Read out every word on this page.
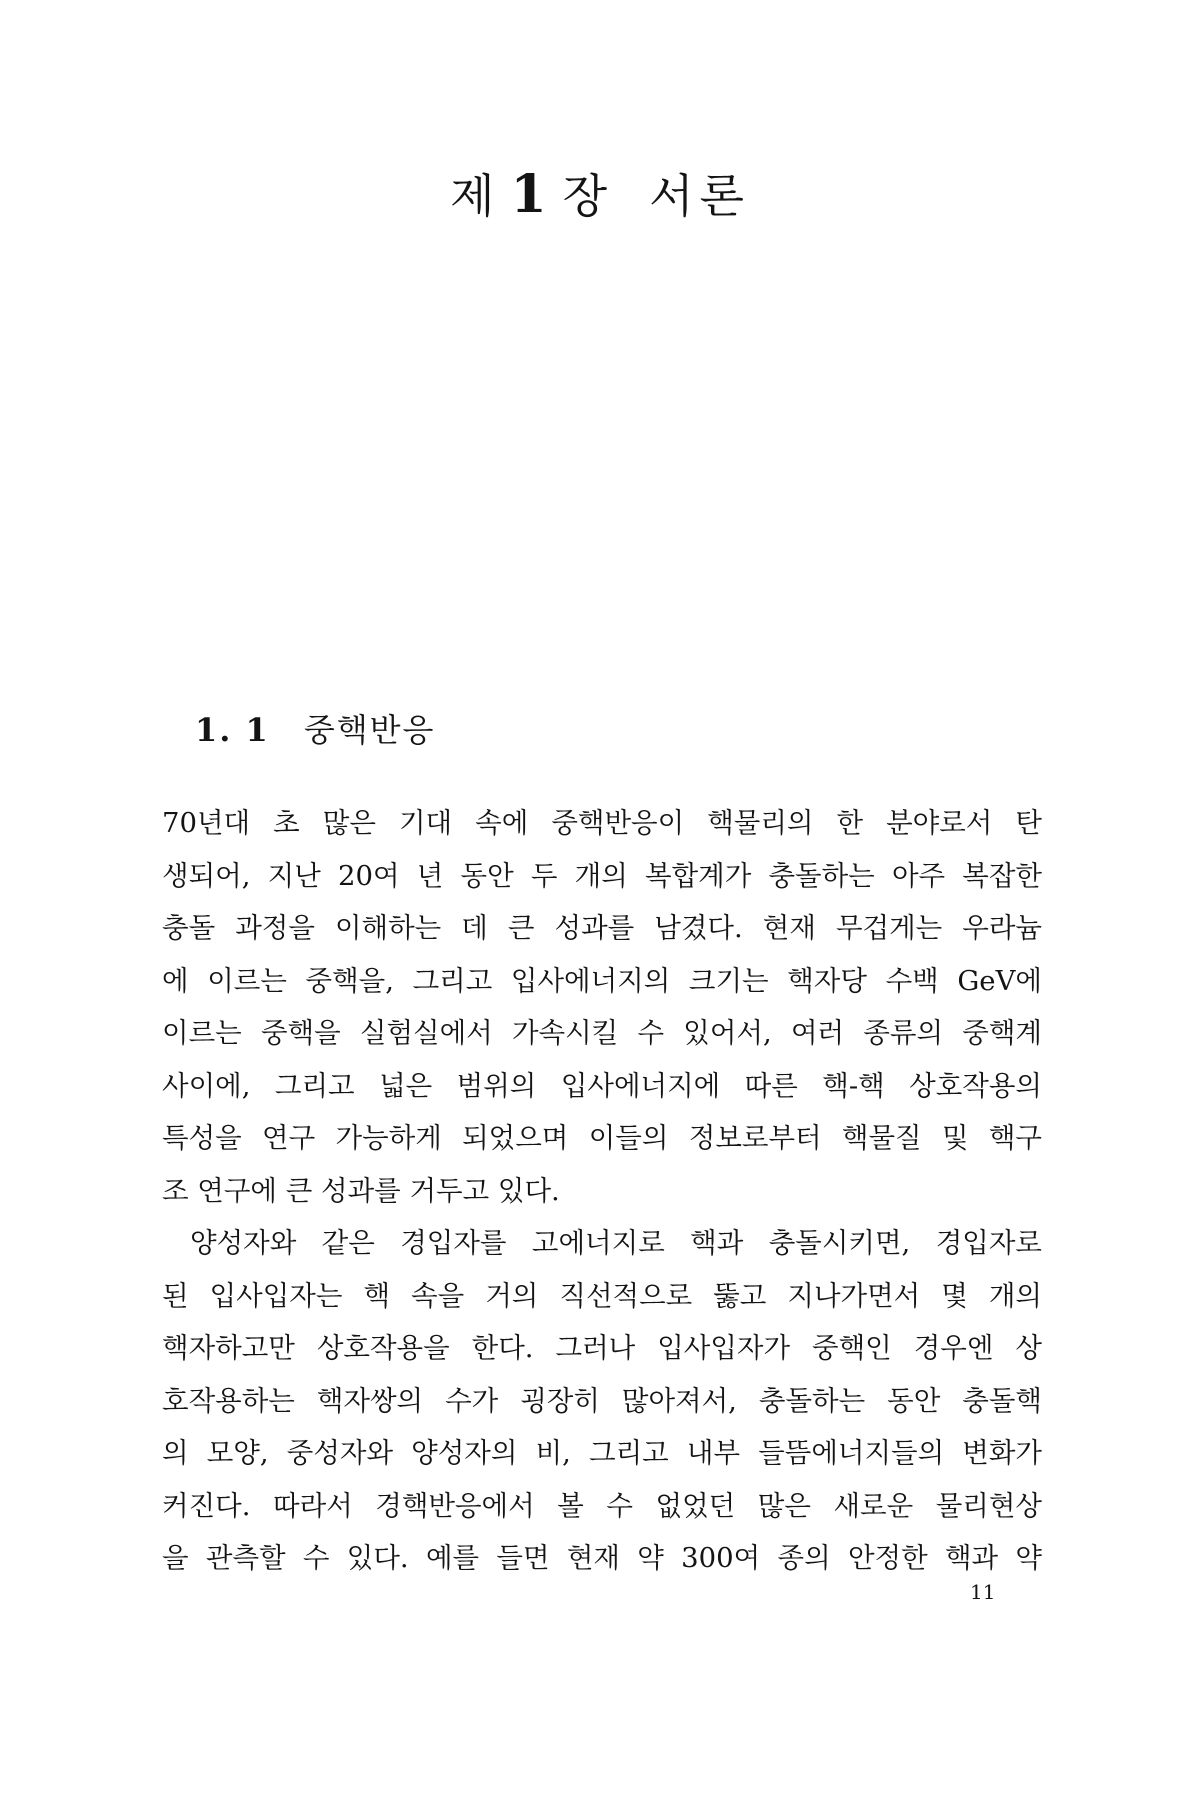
제 1 장 서론
1. 1 중핵반응
70년대 초 많은 기대 속에 중핵반응이 핵물리의 한 분야로서 탄
생되어, 지난 20여 년 동안 두 개의 복합계가 충돌하는 아주 복잡한
충돌 과정을 이해하는 데 큰 성과를 남겼다. 현재 무겁게는 우라늄
에 이르는 중핵을, 그리고 입사에너지의 크기는 핵자당 수백 GeV에
이르는 중핵을 실험실에서 가속시킬 수 있어서, 여러 종류의 중핵계
사이에, 그리고 넓은 범위의 입사에너지에 따른 핵-핵 상호작용의
특성을 연구 가능하게 되었으며 이들의 정보로부터 핵물질 및 핵구
조 연구에 큰 성과를 거두고 있다.
양성자와 같은 경입자를 고에너지로 핵과 충돌시키면, 경입자로
된 입사입자는 핵 속을 거의 직선적으로 뚫고 지나가면서 몇 개의
핵자하고만 상호작용을 한다. 그러나 입사입자가 중핵인 경우엔 상
호작용하는 핵자쌍의 수가 굉장히 많아져서, 충돌하는 동안 충돌핵
의 모양, 중성자와 양성자의 비, 그리고 내부 들뜸에너지들의 변화가
커진다. 따라서 경핵반응에서 볼 수 없었던 많은 새로운 물리현상
을 관측할 수 있다. 예를 들면 현재 약 300여 종의 안정한 핵과 약

11
